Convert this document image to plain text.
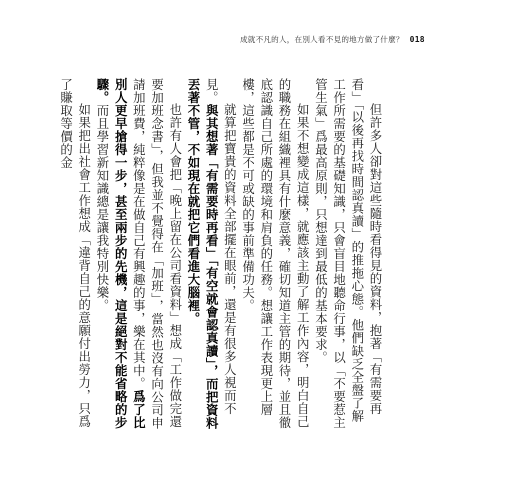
成就不凡的人，在別人看不見的地方做了什麼？ 018

但許多人卻對這些隨時看得見的資料，抱著「有需要再看」「以後再找時間認真讀」的推拖心態。他們缺乏全盤了解工作所需要的基礎知識，只會盲目地聽命行事，以「不要惹主管生氣」爲最高原則，只想達到最低的基本要求。

如果不想變成這樣，就應該主動了解工作內容，明白自己的職務在組織裡具有什麼意義，確切知道主管的期待，並且徹底認識自己所處的環境和肩負的任務。想讓工作表現更上層樓，這些都是不可或缺的事前準備功夫。

就算把寶貴的資料全部擺在眼前，還是有很多人視而不見。與其想著「有需要時再看」「有空就會認真讀」，而把資料丟著不管，不如現在就把它們看進大腦裡。

也許有人會把「晚上留在公司看資料」想成「工作做完還要加班念書」，但我並不覺得在「加班」，當然也沒有向公司申請加班費，純粹像是在做自己有興趣的事，樂在其中。爲了比別人更早搶得一步，甚至兩步的先機，這是絕對不能省略的步驟。而且學習新知識總是讓我特別快樂。

如果把出社會工作想成「違背自己的意願付出勞力，只爲了賺取等價的金
